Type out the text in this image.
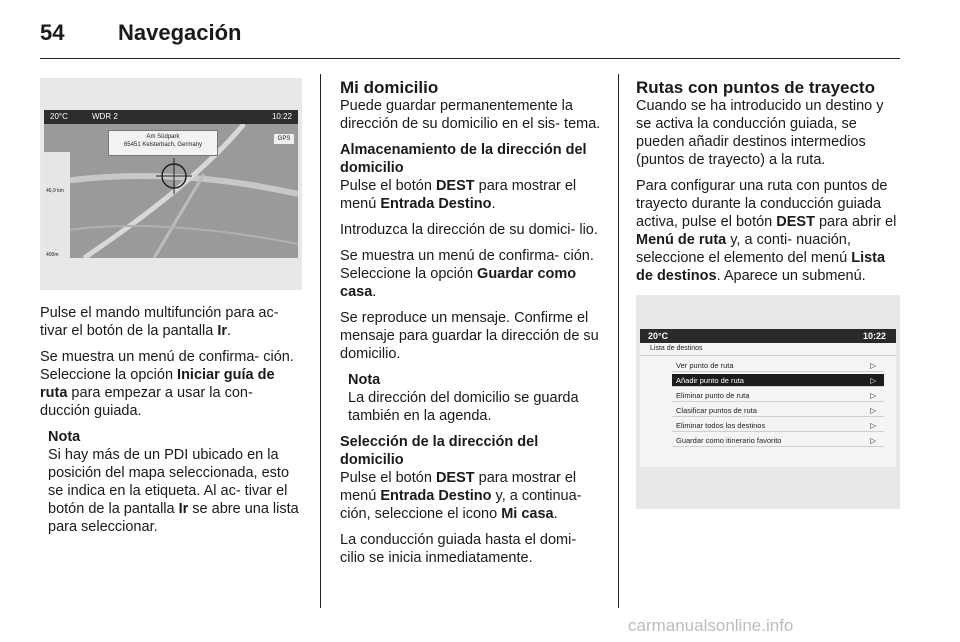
54 Navegación
20°C	WDR 2	10:22
Am Südpark
65451 Kelsterbach, Germany
GPS
46,9 km
400m

Pulse el mando multifunción para ac- tivar el botón de la pantalla Ir.

Se muestra un menú de confirma- ción. Seleccione la opción Iniciar guía de ruta para empezar a usar la con- ducción guiada.

Nota
Si hay más de un PDI ubicado en la posición del mapa seleccionada, esto se indica en la etiqueta. Al ac- tivar el botón de la pantalla Ir se abre una lista para seleccionar.
Mi domicilio

Puede guardar permanentemente la dirección de su domicilio en el sis- tema.

Almacenamiento de la dirección del domicilio

Pulse el botón DEST para mostrar el menú Entrada Destino.

Introduzca la dirección de su domici- lio.

Se muestra un menú de confirma- ción. Seleccione la opción Guardar como casa.

Se reproduce un mensaje. Confirme el mensaje para guardar la dirección de su domicilio.

Nota
La dirección del domicilio se guarda también en la agenda.
Selección de la dirección del domicilio

Pulse el botón DEST para mostrar el menú Entrada Destino y, a continua- ción, seleccione el icono Mi casa.

La conducción guiada hasta el domi- cilio se inicia inmediatamente.

Rutas con puntos de trayecto

Cuando se ha introducido un destino y se activa la conducción guiada, se pueden añadir destinos intermedios (puntos de trayecto) a la ruta.

Para configurar una ruta con puntos de trayecto durante la conducción guiada activa, pulse el botón DEST para abrir el Menú de ruta y, a conti- nuación, seleccione el elemento del menú Lista de destinos. Aparece un submenú.

20°C	10:22
Lista de destinos
Ver punto de ruta	▷
Añadir punto de ruta	▷
Eliminar punto de ruta	▷
Clasificar puntos de ruta	▷
Eliminar todos los destinos	▷
Guardar como itinerario favorito	▷
carmanualsonline.info
